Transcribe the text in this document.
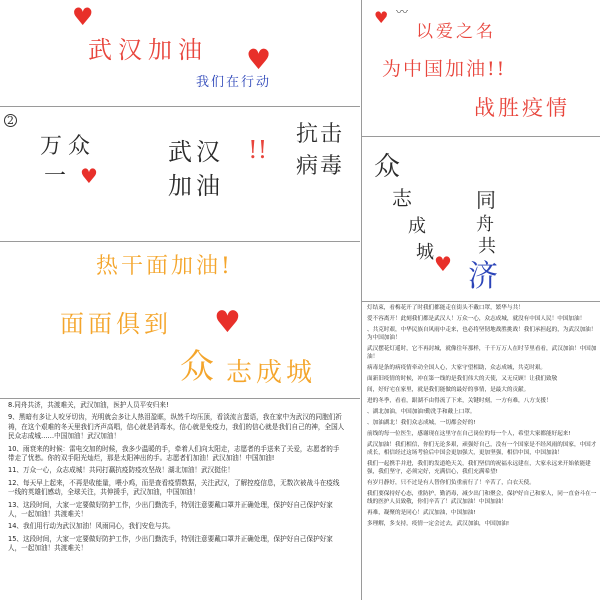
♥
武汉加油 ♥
我们在行动
♥ 〰
以爱之名
为中国加油!!
战胜疫情
2
万众
一 ♥
武汉 !!
加油
抗击
病毒 众
志
成
城 ♥
同
舟
共
济
热干面加油!
面面俱到 ♥
众 志成城

8.同舟共济，共渡难关，武汉加油，医护人员平安归来!

9、黑暗有多让人咬牙切齿，光明就会多让人热泪盈眶，纵然千均压顶，看淡流言蜚语，我在家中为武汉的同胞们祈祷，在这个艰难的冬天里我们齐声高唱，信心就是消毒水，信心就是免疫力，我们的信心就是我们自己的神，全国人民众志成城……中国加油！武汉加油！

10、雨衰来的时候：雷电交加的时候，我多少温暖的手，牵着人们向太阳走，志愿者的手送来了关爱，志愿者的手带走了忧愁。你的双手阳光灿烂，那是太阳神出的手。志愿者们加油！武汉加油！中国加油!

11、万众一心，众志成城！共同打赢抗疫防疫攻坚战！湖北加油！武汉挺住！

12、每天早上起来，不再是收能量，喂小鸡，而是查看疫情数据，关注武汉，了解控疫信息，无数次被战斗在疫线一线的英雄们感动，全球关注，共伸援手，武汉加油，中国加油！

13、这段时间，大家一定要做好防护工作，少出门勤洗手，特别注意要戴口罩并正确处理，保护好自己保护好家人，一起加油！共渡难关！

14、我们用行动为武汉加油！风雨同心，我们安危与共。

15、这段时间，大家一定要做好防护工作，少出门勤洗手，特别注意要戴口罩并正确处理，保护好自己保护好家人，一起加油！共渡难关！

灯结束，看梅花开了时我们都能走在街头不戴口罩，繁华与共！

爱不容离开！此刻我们都是武汉人！万众一心，众志成城，就没有中国人民！中国加油！

、共克时艰，中华民族自风雨中走来，也必将坚韧地战胜挑战！我们承担起的，为武汉加油！为中国加油！

武汉摆花灯遥时，它不再封城，就像往年那样，千千万万人在时节里看看，武汉加油！中国加油！

病毒是条的病疫情牵动全国人心，大家守望相助，众志成城，共克时艰。

面新旧疫情的时候，冲在第一线的是我们伟大的天使，又无反顾！让我们致敬

间，好好宅在家里，就是我们能做的最好的事情，是最大的贡献。

进的冬季，看看，跟湖不由得流了下来，关键时刻，一方有难，八方支援！

、湖北加油，中国加油!勤洗手和戴上口罩。

、加油湖北！我们众志成城，一切都会好的!

前线的每一位医生，感谢现在这里守在自己岗位的每一个人，希望大家都能好起来!

武汉加油！我们相信，你们无论多艰，顽强好自己，没有一个国家是不经风雨的国家，中国才成长，相信经过这场考验后中国会更加强大，更加坚强，相信中国，中国加油！

我们一起携手并进，我们的发道绝天关，我们坚信的祝福永远建在，大家永远来开始依能建强，我们坚守，必须完好，充满信心，我们充满希望!

有岁月静好，只不过是有人替你们负重前行了！辛苦了，白衣天使。

我们要保持好心态，重防护，勤消毒，减少出门和聚会，保护好自己和家人，同一直奋斗在一线的医护人员致敬，你们辛苦了！武汉加油！中国加油！

再难，凝聚的是同心！武汉加油，中国加油!

多理解，多支持，疫情一定会过去，武汉加油，中国加油!
